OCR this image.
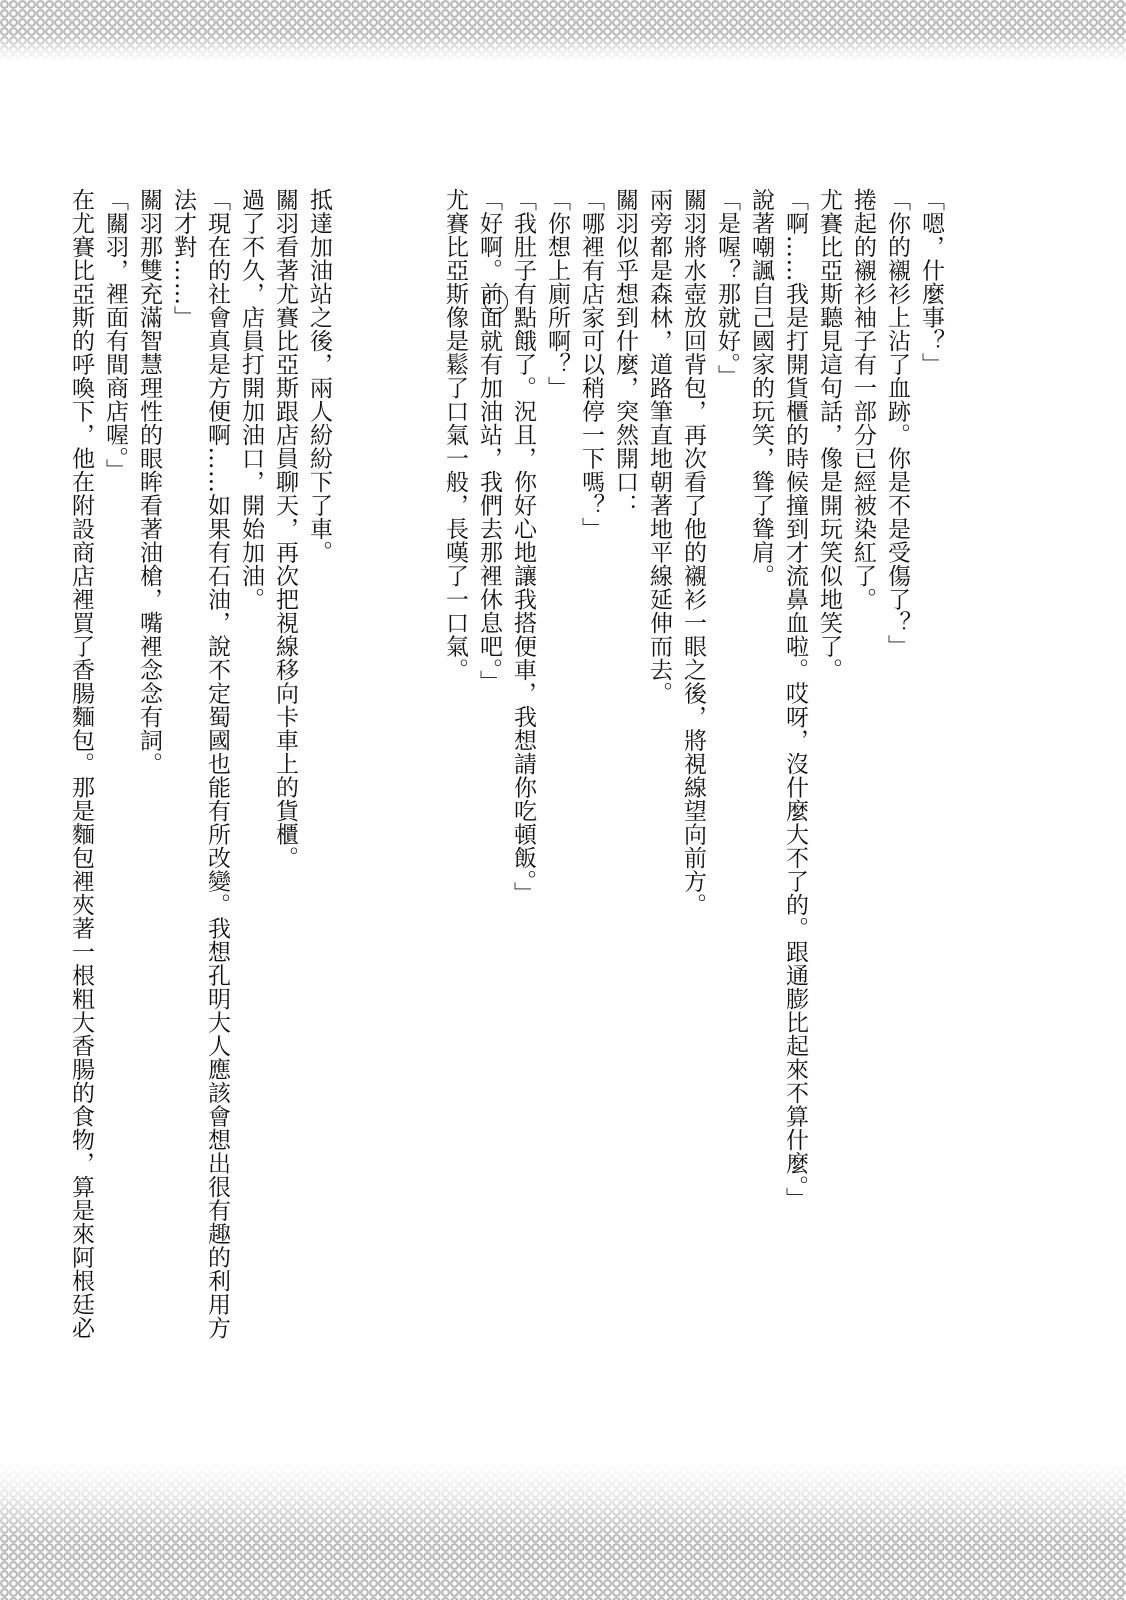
「嗯，什麼事？」
「你的襯衫上沾了血跡。你是不是受傷了？」
捲起的襯衫袖子有一部分已經被染紅了。
尤賽比亞斯聽見這句話，像是開玩笑似地笑了。
「啊……我是打開貨櫃的時候撞到才流鼻血啦。哎呀，沒什麼大不了的。跟通膨比起來不算什麼。」
說著嘲諷自己國家的玩笑，聳了聳肩。
「是喔？那就好。」
關羽將水壺放回背包，再次看了他的襯衫一眼之後，將視線望向前方。
兩旁都是森林，道路筆直地朝著地平線延伸而去。
關羽似乎想到什麼，突然開口：
「哪裡有店家可以稍停一下嗎？」
「你想上廁所啊？」
「我肚子有點餓了。況且，你好心地讓我搭便車，我想請你吃頓飯。」
「好啊。前面就有加油站，我們去那裡休息吧。」
尤賽比亞斯像是鬆了口氣一般，長嘆了一口氣。
抵達加油站之後，兩人紛紛下了車。
關羽看著尤賽比亞斯跟店員聊天，再次把視線移向卡車上的貨櫃。
過了不久，店員打開加油口，開始加油。
「現在的社會真是方便啊……如果有石油，說不定蜀國也能有所改變。我想孔明大人應該會想出很有趣的利用方
法才對……」
關羽那雙充滿智慧理性的眼眸看著油槍，嘴裡念念有詞。
「關羽，裡面有間商店喔。」
在尤賽比亞斯的呼喚下，他在附設商店裡買了香腸麵包。那是麵包裡夾著一根粗大香腸的食物，算是來阿根廷必
